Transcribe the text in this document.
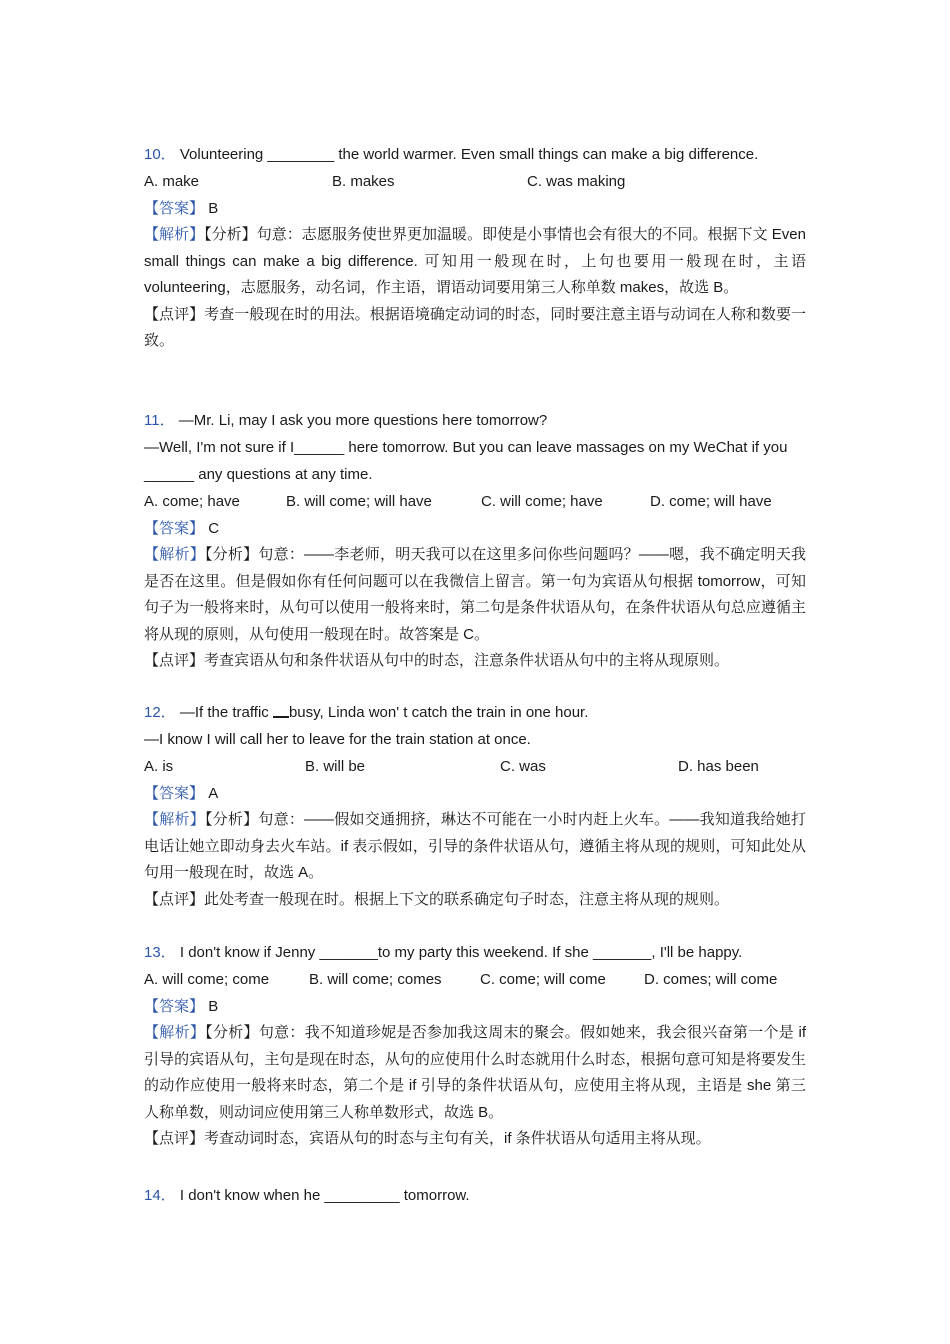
10． Volunteering ________ the world warmer. Even small things can make a big difference.
A. make	B. makes	C. was making
【答案】 B
【解析】【分析】句意：志愿服务使世界更加温暖。即使是小事情也会有很大的不同。根据下文 Even small things can make a big difference. 可知用一般现在时，上句也要用一般现在时，主语 volunteering，志愿服务，动名词，作主语，谓语动词要用第三人称单数 makes，故选 B。
【点评】考查一般现在时的用法。根据语境确定动词的时态，同时要注意主语与动词在人称和数要一致。
11． —Mr. Li, may I ask you more questions here tomorrow?
—Well, I'm not sure if I______ here tomorrow. But you can leave massages on my WeChat if you
______ any questions at any time.
A. come; have	B. will come; will have	C. will come; have	D. come; will have
【答案】 C
【解析】【分析】句意：——李老师，明天我可以在这里多问你些问题吗？——嗯，我不确定明天我是否在这里。但是假如你有任何问题可以在我微信上留言。第一句为宾语从句根据 tomorrow，可知句子为一般将来时，从句可以使用一般将来时，第二句是条件状语从句，在条件状语从句总应遵循主将从现的原则，从句使用一般现在时。故答案是 C。
【点评】考查宾语从句和条件状语从句中的时态，注意条件状语从句中的主将从现原则。
12． —If the traffic busy, Linda won' t catch the train in one hour.
—I know I will call her to leave for the train station at once.
A. is	B. will be	C. was	D. has been
【答案】 A
【解析】【分析】句意：——假如交通拥挤，琳达不可能在一小时内赶上火车。——我知道我给她打电话让她立即动身去火车站。if 表示假如，引导的条件状语从句，遵循主将从现的规则，可知此处从句用一般现在时，故选 A。
【点评】此处考查一般现在时。根据上下文的联系确定句子时态，注意主将从现的规则。
13． I don't know if Jenny _______to my party this weekend. If she _______, I'll be happy.
A. will come; come	B. will come; comes	C. come; will come	D. comes; will come
【答案】 B
【解析】【分析】句意：我不知道珍妮是否参加我这周末的聚会。假如她来，我会很兴奋第一个是 if 引导的宾语从句，主句是现在时态，从句的应使用什么时态就用什么时态，根据句意可知是将要发生的动作应使用一般将来时态，第二个是 if 引导的条件状语从句，应使用主将从现，主语是 she 第三人称单数，则动词应使用第三人称单数形式，故选 B。
【点评】考查动词时态，宾语从句的时态与主句有关，if 条件状语从句适用主将从现。
14． I don't know when he _________ tomorrow.
